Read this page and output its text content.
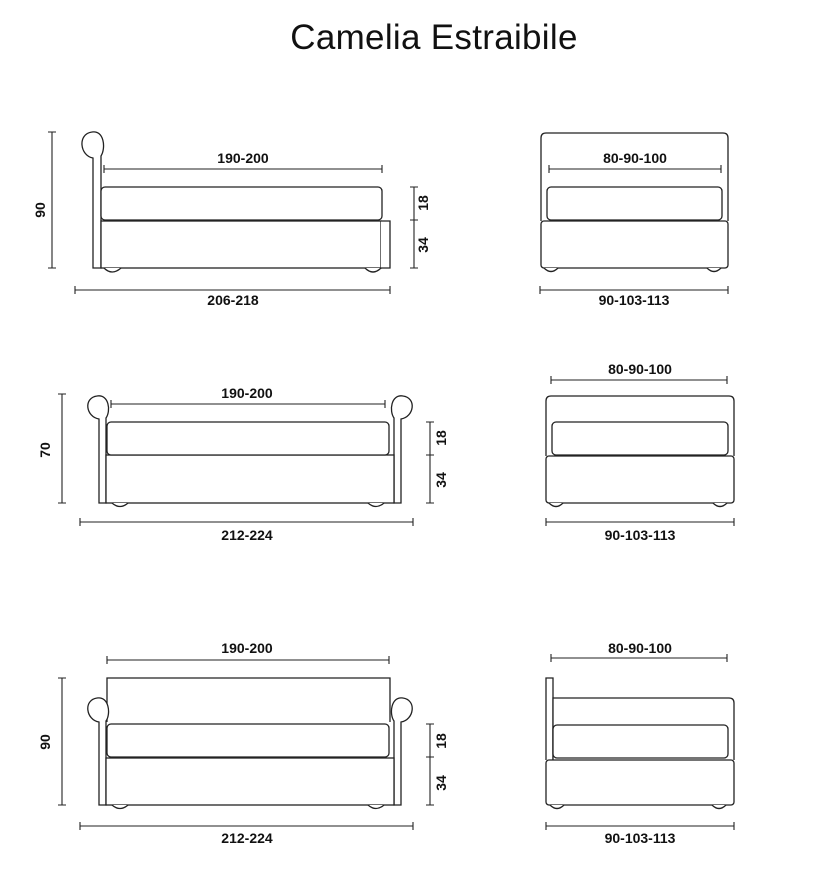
Camelia Estraibile
190-200
206-218
90	18
34
80-90-100
90-103-113
190-200
212-224
70
18
34
80-90-100
90-103-113
190-200
212-224
90	18
34
80-90-100
90-103-113
